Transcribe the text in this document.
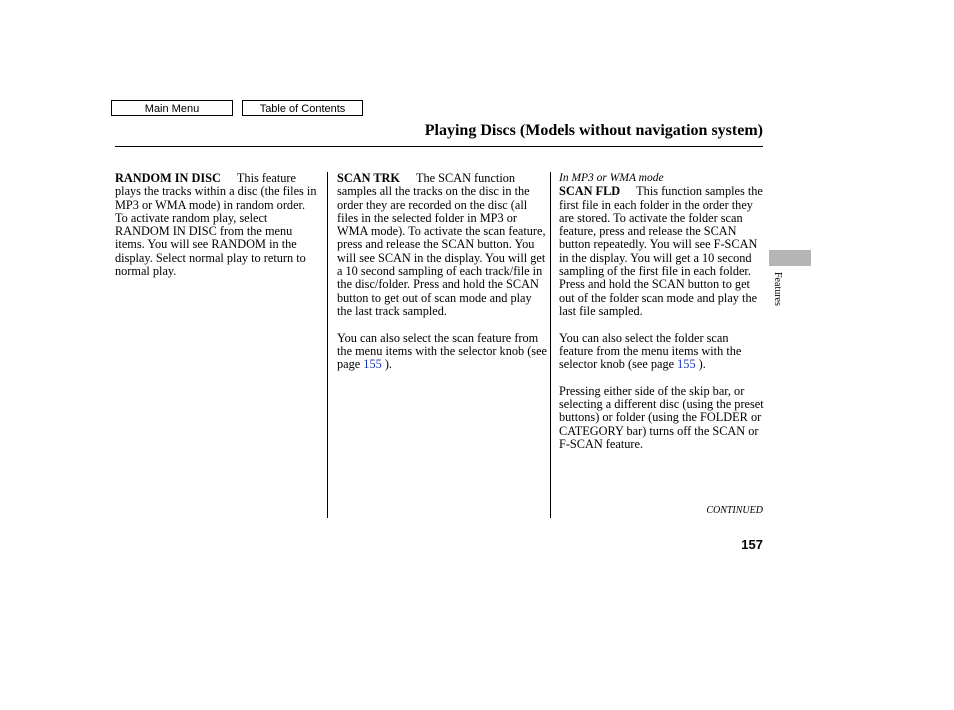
Main Menu	Table of Contents
Playing Discs (Models without navigation system)

RANDOM IN DISC This feature plays the tracks within a disc (the files in MP3 or WMA mode) in random order. To activate random play, select RANDOM IN DISC from the menu items. You will see RANDOM in the display. Select normal play to return to normal play.

SCAN TRK The SCAN function samples all the tracks on the disc in the order they are recorded on the disc (all files in the selected folder in MP3 or WMA mode). To activate the scan feature, press and release the SCAN button. You will see SCAN in the display. You will get a 10 second sampling of each track/file in the disc/folder. Press and hold the SCAN button to get out of scan mode and play the last track sampled.

You can also select the scan feature from the menu items with the selector knob (see page 155 ).

In MP3 or WMA mode

SCAN FLD This function samples the first file in each folder in the order they are stored. To activate the folder scan feature, press and release the SCAN button repeatedly. You will see F-SCAN in the display. You will get a 10 second sampling of the first file in each folder. Press and hold the SCAN button to get out of the folder scan mode and play the last file sampled.

You can also select the folder scan feature from the menu items with the selector knob (see page 155 ).

Pressing either side of the skip bar, or selecting a different disc (using the preset buttons) or folder (using the FOLDER or CATEGORY bar) turns off the SCAN or F-SCAN feature.

CONTINUED
157
Features
